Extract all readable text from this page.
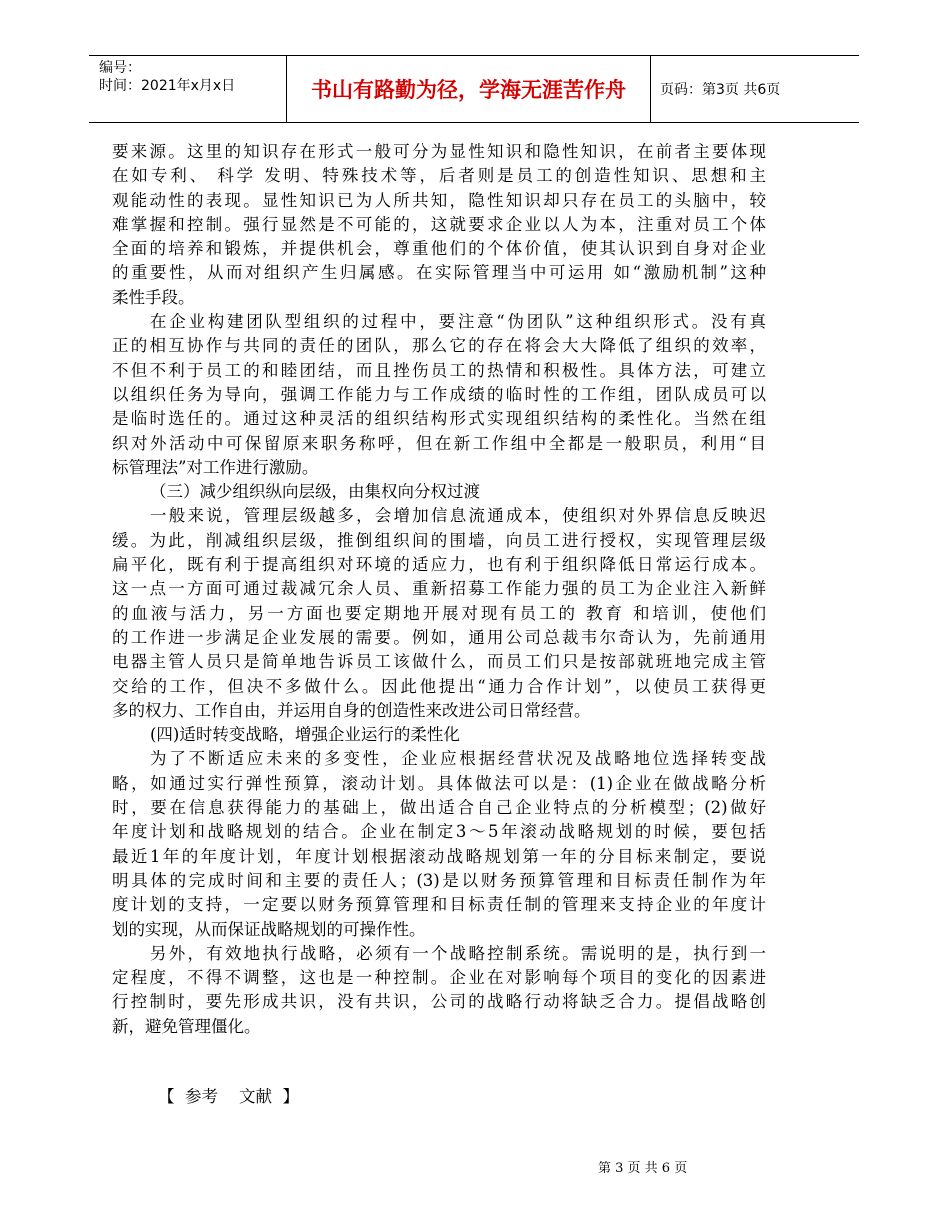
编号：
时间：2021年x月x日	书山有路勤为径，学海无涯苦作舟	页码：第3页 共6页
要来源。这里的知识存在形式一般可分为显性知识和隐性知识，在前者主要体现
在如专利、 科学 发明、特殊技术等，后者则是员工的创造性知识、思想和主
观能动性的表现。显性知识已为人所共知，隐性知识却只存在员工的头脑中，较
难掌握和控制。强行显然是不可能的，这就要求企业以人为本，注重对员工个体
全面的培养和锻炼，并提供机会，尊重他们的个体价值，使其认识到自身对企业
的重要性，从而对组织产生归属感。在实际管理当中可运用 如“激励机制”这种
柔性手段。
在企业构建团队型组织的过程中，要注意“伪团队”这种组织形式。没有真
正的相互协作与共同的责任的团队，那么它的存在将会大大降低了组织的效率，
不但不利于员工的和睦团结，而且挫伤员工的热情和积极性。具体方法，可建立
以组织任务为导向，强调工作能力与工作成绩的临时性的工作组，团队成员可以
是临时选任的。通过这种灵活的组织结构形式实现组织结构的柔性化。当然在组
织对外活动中可保留原来职务称呼，但在新工作组中全都是一般职员，利用“目
标管理法”对工作进行激励。
（三）减少组织纵向层级，由集权向分权过渡
一般来说，管理层级越多，会增加信息流通成本，使组织对外界信息反映迟
缓。为此，削减组织层级，推倒组织间的围墙，向员工进行授权，实现管理层级
扁平化，既有利于提高组织对环境的适应力，也有利于组织降低日常运行成本。
这一点一方面可通过裁减冗余人员、重新招募工作能力强的员工为企业注入新鲜
的血液与活力，另一方面也要定期地开展对现有员工的 教育 和培训，使他们
的工作进一步满足企业发展的需要。例如，通用公司总裁韦尔奇认为，先前通用
电器主管人员只是简单地告诉员工该做什么，而员工们只是按部就班地完成主管
交给的工作，但决不多做什么。因此他提出“通力合作计划”，以使员工获得更
多的权力、工作自由，并运用自身的创造性来改进公司日常经营。
(四)适时转变战略，增强企业运行的柔性化
为了不断适应未来的多变性，企业应根据经营状况及战略地位选择转变战
略，如通过实行弹性预算，滚动计划。具体做法可以是：(1)企业在做战略分析
时，要在信息获得能力的基础上，做出适合自己企业特点的分析模型；(2)做好
年度计划和战略规划的结合。企业在制定3～5年滚动战略规划的时候，要包括
最近1年的年度计划，年度计划根据滚动战略规划第一年的分目标来制定，要说
明具体的完成时间和主要的责任人；(3)是以财务预算管理和目标责任制作为年
度计划的支持，一定要以财务预算管理和目标责任制的管理来支持企业的年度计
划的实现，从而保证战略规划的可操作性。
另外，有效地执行战略，必须有一个战略控制系统。需说明的是，执行到一
定程度，不得不调整，这也是一种控制。企业在对影响每个项目的变化的因素进
行控制时，要先形成共识，没有共识，公司的战略行动将缺乏合力。提倡战略创
新，避免管理僵化。
【  参考    文献  】
第 3 页 共 6 页
